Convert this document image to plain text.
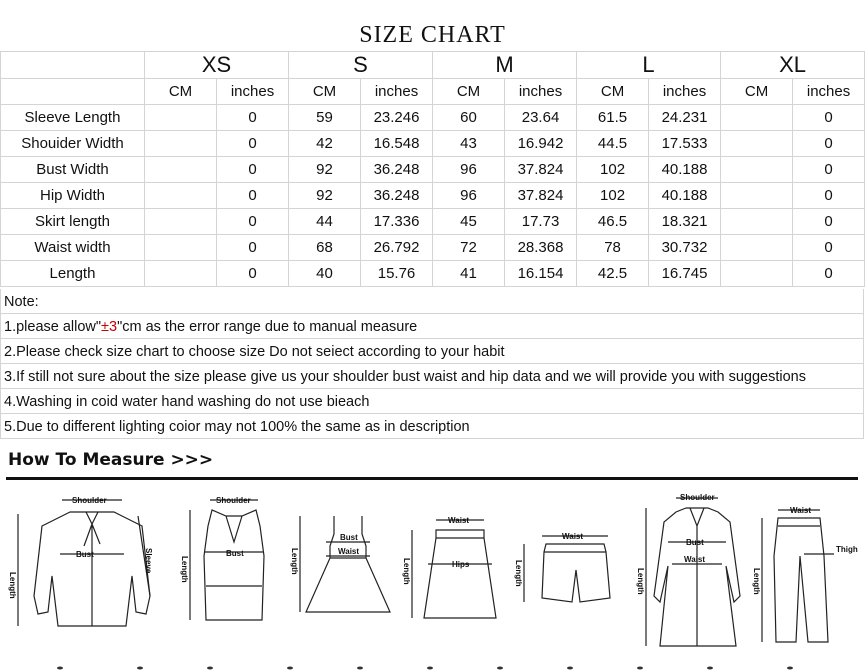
SIZE CHART
	XS		S		M		L		XL	
	CM	inches	CM	inches	CM	inches	CM	inches	CM	inches
Sleeve Length		0	59	23.246	60	23.64	61.5	24.231		0
Shouider Width		0	42	16.548	43	16.942	44.5	17.533		0
Bust Width		0	92	36.248	96	37.824	102	40.188		0
Hip Width		0	92	36.248	96	37.824	102	40.188		0
Skirt length		0	44	17.336	45	17.73	46.5	18.321		0
Waist width		0	68	26.792	72	28.368	78	30.732		0
Length		0	40	15.76	41	16.154	42.5	16.745		0
Note:
1.please allow"±3"cm as the error range due to manual measure
2.Please check size chart to choose size Do not seiect according to your habit
3.If still not sure about the size please give us your shoulder bust waist and hip data and we will provide you with suggestions
4.Washing in coid water hand washing do not use bieach
5.Due to different lighting coior may not 100% the same as in description
How To Measure >>>
Shoulder
Bust
Length
Sleeve
Shoulder
Bust
Length
Bust
Waist
Length
Waist
Hips
Length
Waist
Length
Shoulder
Bust
Waist
Length
Waist
Thigh
Length
